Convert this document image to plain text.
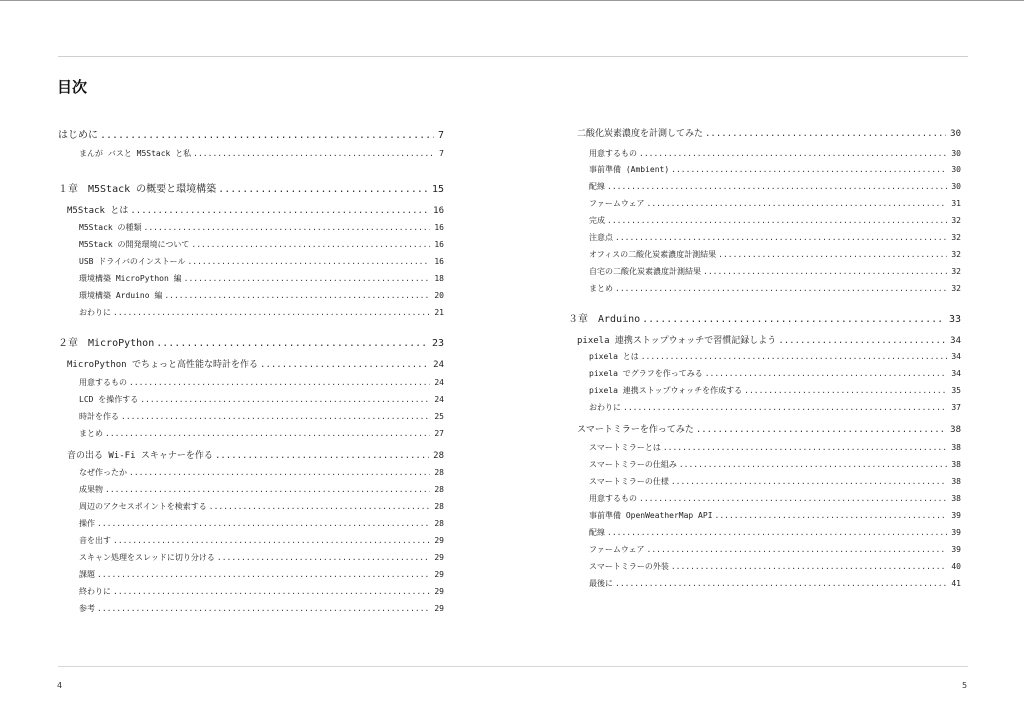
目次
はじめに .....	7
まんが バスと M5Stack と私 .....	7
１章　M5Stack の概要と環境構築 .....	15
M5Stack とは .....	16
M5Stack の種類 .....	16
M5Stack の開発環境について .....	16
USB ドライバのインストール .....	16
環境構築 MicroPython 編 .....	18
環境構築 Arduino 編 .....	20
おわりに .....	21
２章　MicroPython .....	23
MicroPython でちょっと高性能な時計を作る .....	24
用意するもの .....	24
LCD を操作する .....	24
時計を作る .....	25
まとめ .....	27
音の出る Wi-Fi スキャナーを作る .....	28
なぜ作ったか .....	28
成果物 .....	28
周辺のアクセスポイントを検索する .....	28
操作 .....	28
音を出す .....	29
スキャン処理をスレッドに切り分ける .....	29
課題 .....	29
終わりに .....	29
参考 .....	29
二酸化炭素濃度を計測してみた .....	30
用意するもの .....	30
事前準備 (Ambient) .....	30
配線 .....	30
ファームウェア .....	31
完成 .....	32
注意点 .....	32
オフィスの二酸化炭素濃度計測結果 .....	32
自宅の二酸化炭素濃度計測結果 .....	32
まとめ .....	32
３章　Arduino .....	33
pixela 連携ストップウォッチで習慣記録しよう .....	34
pixela とは .....	34
pixela でグラフを作ってみる .....	34
pixela 連携ストップウォッチを作成する .....	35
おわりに .....	37
スマートミラーを作ってみた .....	38
スマートミラーとは .....	38
スマートミラーの仕組み .....	38
スマートミラーの仕様 .....	38
用意するもの .....	38
事前準備 OpenWeatherMap API .....	39
配線 .....	39
ファームウェア .....	39
スマートミラーの外装 .....	40
最後に .....	41
4	5
